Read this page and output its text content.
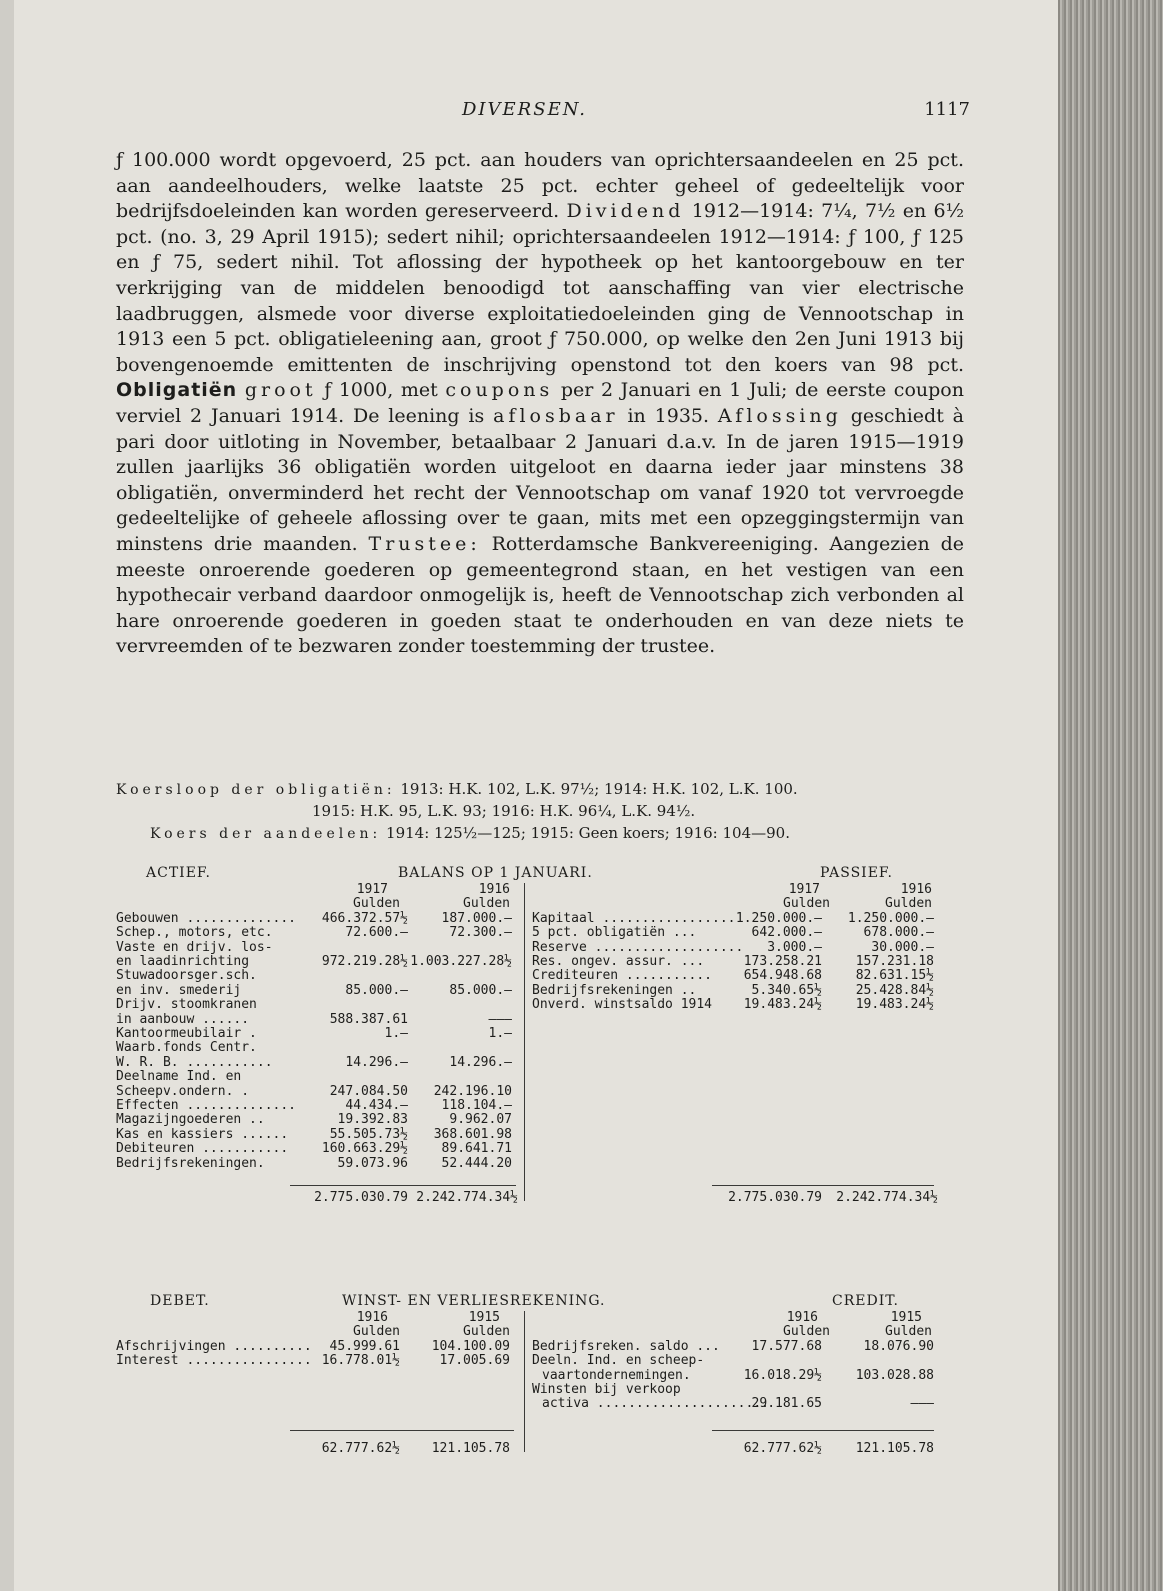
DIVERSEN.	1117

ƒ 100.000 wordt opgevoerd, 25 pct. aan houders van oprichtersaandeelen en 25 pct. aan aandeelhouders, welke laatste 25 pct. echter geheel of gedeeltelijk voor bedrijfsdoeleinden kan worden gereserveerd. Dividend 1912—1914: 7¼, 7½ en 6½ pct. (no. 3, 29 April 1915); sedert nihil; oprichtersaandeelen 1912—1914: ƒ 100, ƒ 125 en ƒ 75, sedert nihil. Tot aflossing der hypotheek op het kantoorgebouw en ter verkrijging van de middelen benoodigd tot aanschaffing van vier electrische laadbruggen, alsmede voor diverse exploitatiedoeleinden ging de Vennootschap in 1913 een 5 pct. obligatieleening aan, groot ƒ 750.000, op welke den 2en Juni 1913 bij bovengenoemde emittenten de inschrijving openstond tot den koers van 98 pct. Obligatiën groot ƒ 1000, met coupons per 2 Januari en 1 Juli; de eerste coupon verviel 2 Januari 1914. De leening is aflosbaar in 1935. Aflossing geschiedt à pari door uitloting in November, betaalbaar 2 Januari d.a.v. In de jaren 1915—1919 zullen jaarlijks 36 obligatiën worden uitgeloot en daarna ieder jaar minstens 38 obligatiën, onverminderd het recht der Vennootschap om vanaf 1920 tot vervroegde gedeeltelijke of geheele aflossing over te gaan, mits met een opzeggingstermijn van minstens drie maanden. Trustee: Rotterdamsche Bankvereeniging. Aangezien de meeste onroerende goederen op gemeentegrond staan, en het vestigen van een hypothecair verband daardoor onmogelijk is, heeft de Vennootschap zich verbonden al hare onroerende goederen in goeden staat te onderhouden en van deze niets te vervreemden of te bezwaren zonder toestemming der trustee.

Koersloop der obligatiën: 1913: H.K. 102, L.K. 97½; 1914: H.K. 102, L.K. 100.

1915: H.K. 95, L.K. 93; 1916: H.K. 96¼, L.K. 94½.

Koers der aandeelen: 1914: 125½—125; 1915: Geen koers; 1916: 104—90.

ACTIEF.	BALANS OP 1 JANUARI.	PASSIEF.
1917	1916
Gulden	Gulden
1917	1916
Gulden	Gulden
Gebouwen ..............	466.372.57½	187.000.—
Schep., motors, etc.	72.600.—	72.300.—
Vaste en drijv. los-
en laadinrichting	972.219.28½ 1.003.227.28½
Stuwadoorsger.sch.
en inv. smederij	85.000.—	85.000.—
Drijv. stoomkranen
in aanbouw ......	588.387.61	———
Kantoormeubilair .	1.—	1.—
Waarb.fonds Centr.
W. R. B. ...........	14.296.—	14.296.—
Deelname Ind. en
Scheepv.ondern. .	247.084.50	242.196.10
Effecten ..............	44.434.—	118.104.—
Magazijngoederen ..	19.392.83	9.962.07
Kas en kassiers ......	55.505.73½	368.601.98
Debiteuren ...........	160.663.29½	89.641.71
Bedrijfsrekeningen.	59.073.96	52.444.20
Kapitaal ................. 1.250.000.—	1.250.000.—
5 pct. obligatiën ...	642.000.—	678.000.—
Reserve ...................	3.000.—	30.000.—
Res. ongev. assur. ...	173.258.21	157.231.18
Crediteuren ...........	654.948.68	82.631.15½
Bedrijfsrekeningen ..	5.340.65½	25.428.84½
Onverd. winstsaldo 1914	19.483.24½	19.483.24½
2.775.030.79 2.242.774.34½	2.775.030.79	2.242.774.34½
DEBET.	WINST- EN VERLIESREKENING.	CREDIT.
1916	1915
Gulden	Gulden
1916	1915
Gulden	Gulden
Afschrijvingen ..........	45.999.61	104.100.09
Interest ................ 16.778.01½	17.005.69
Bedrijfsreken. saldo ...	17.577.68	18.076.90
Deeln. Ind. en scheep-
vaartondernemingen.	16.018.29½	103.028.88
Winsten bij verkoop
activa ......................
29.181.65	———
62.777.62½	121.105.78	62.777.62½	121.105.78
